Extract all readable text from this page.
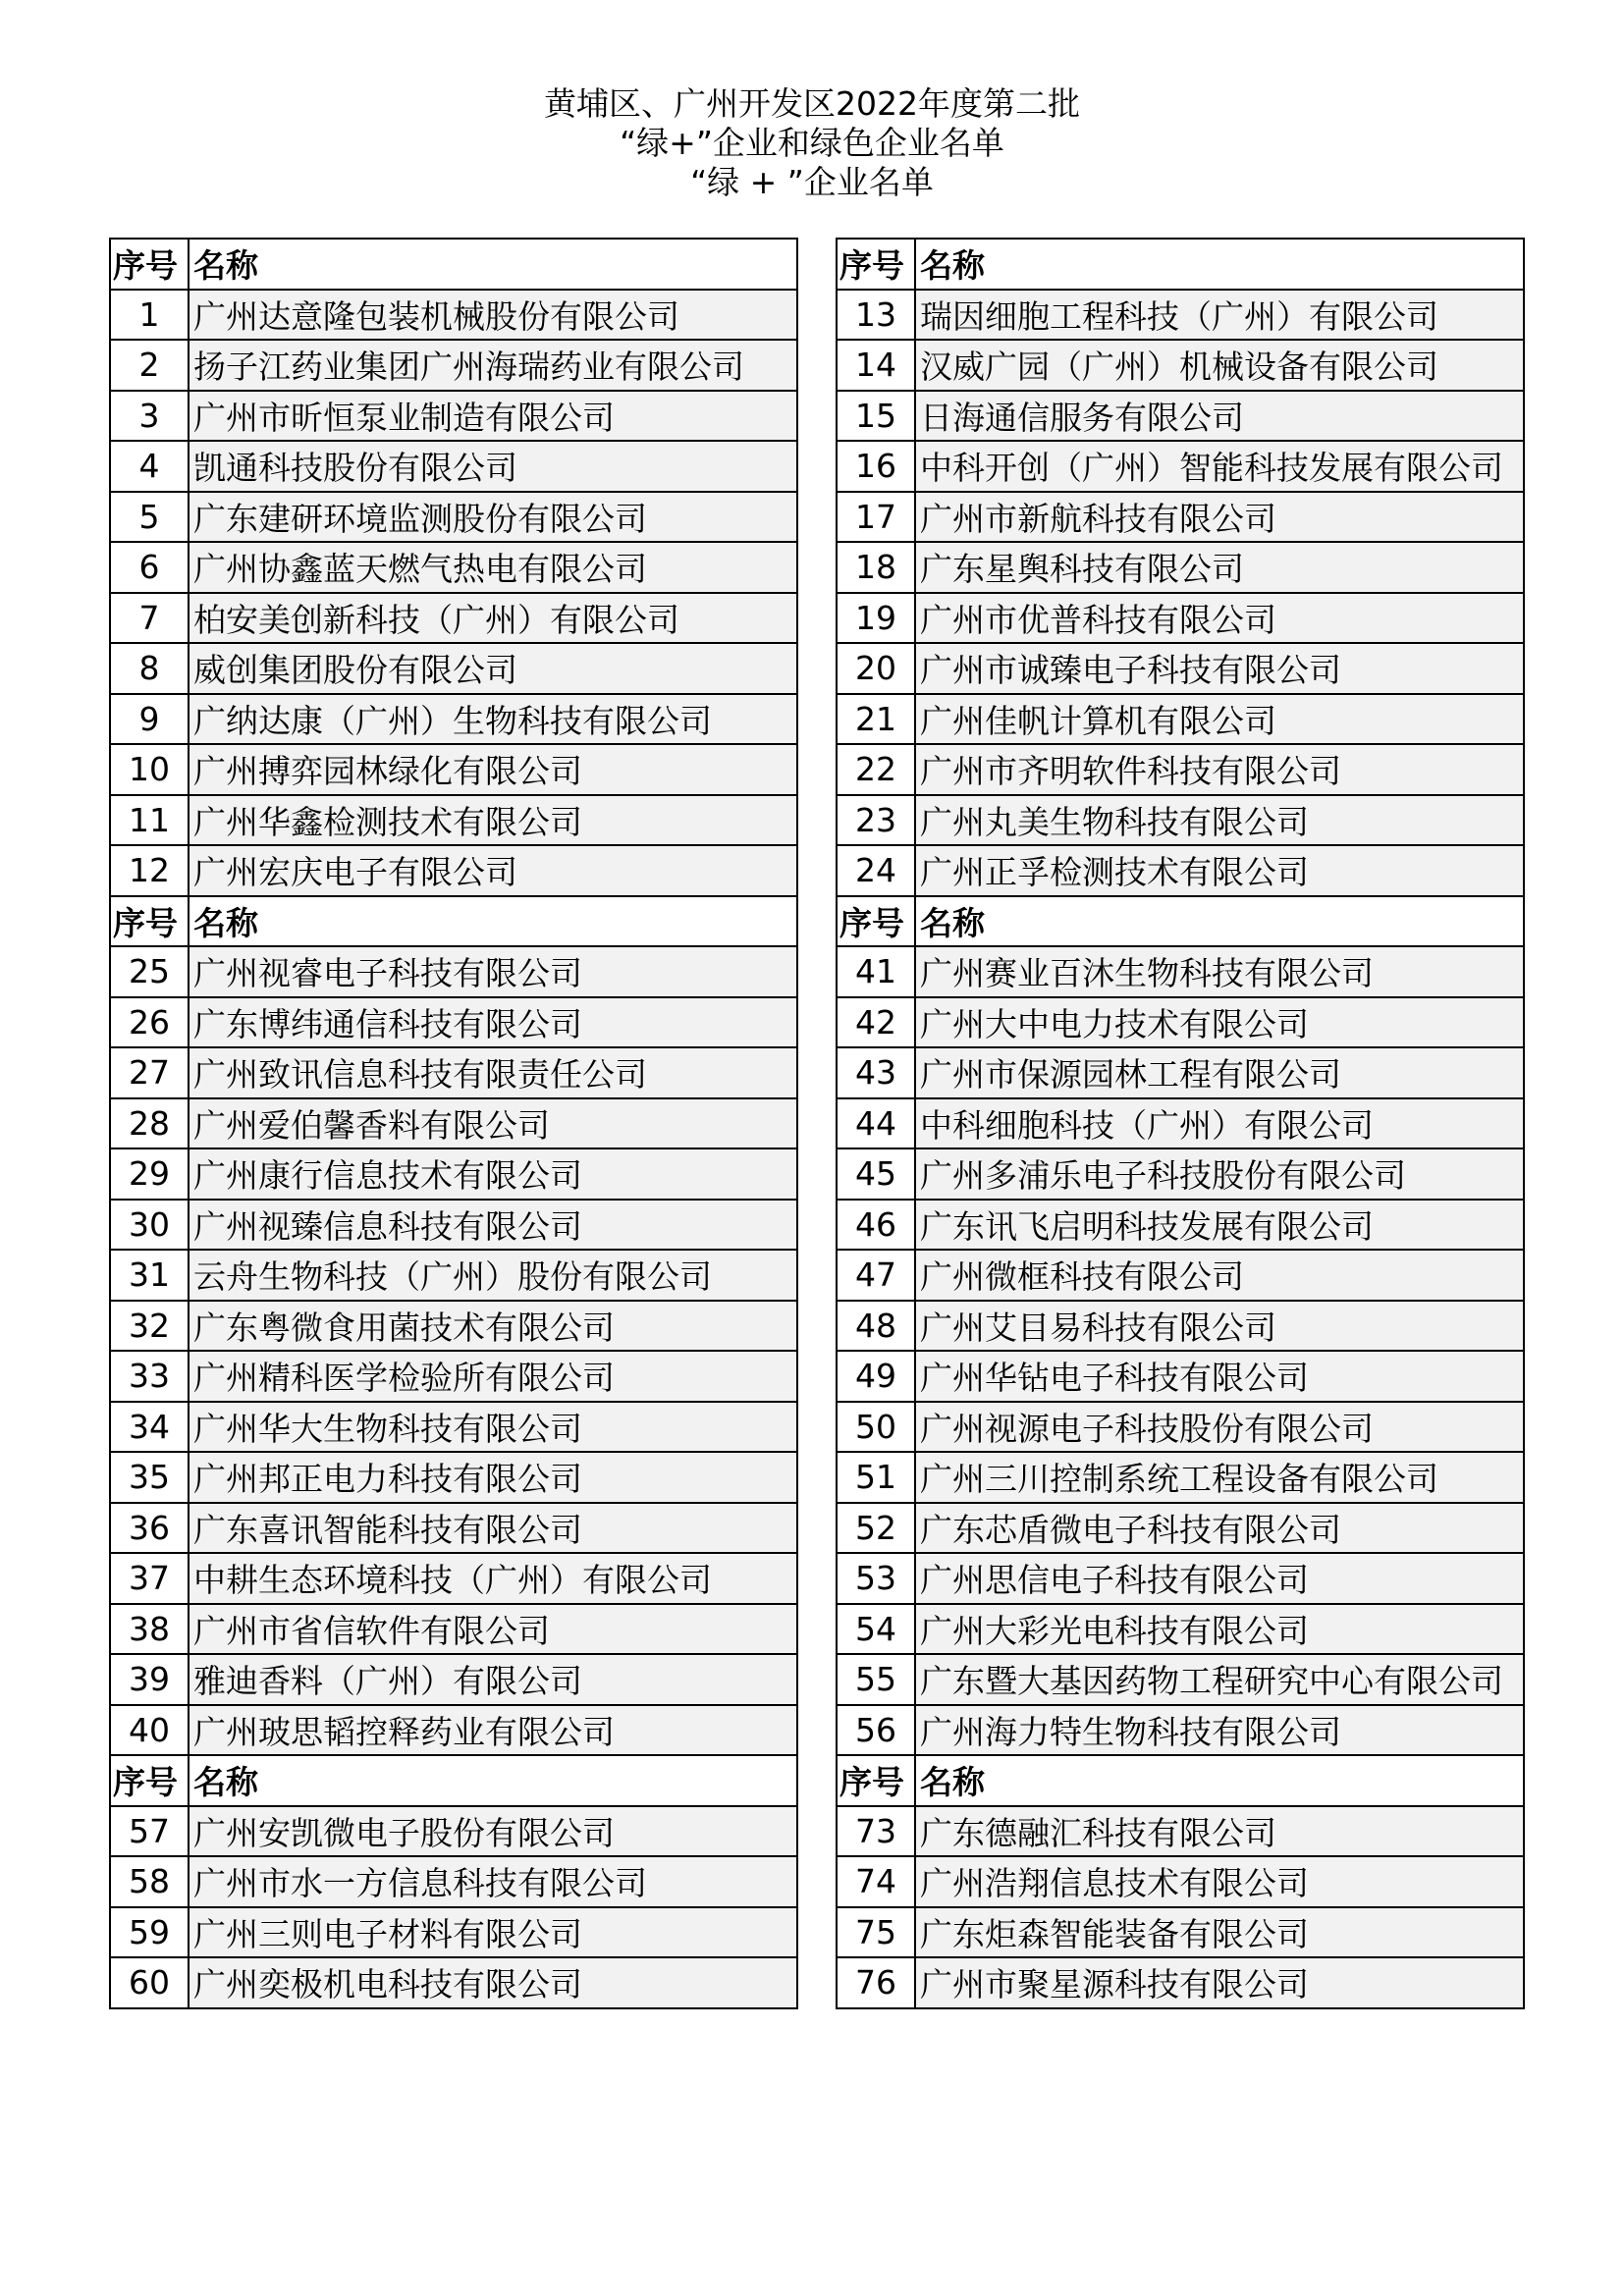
黄埔区、广州开发区2022年度第二批
“绿+”企业和绿色企业名单
“绿 + ”企业名单
序号	名称
1	广州达意隆包装机械股份有限公司
2	扬子江药业集团广州海瑞药业有限公司
3	广州市昕恒泵业制造有限公司
4	凯通科技股份有限公司
5	广东建研环境监测股份有限公司
6	广州协鑫蓝天燃气热电有限公司
7	柏安美创新科技（广州）有限公司
8	威创集团股份有限公司
9	广纳达康（广州）生物科技有限公司
10	广州搏弈园林绿化有限公司
11	广州华鑫检测技术有限公司
12	广州宏庆电子有限公司
序号	名称
25	广州视睿电子科技有限公司
26	广东博纬通信科技有限公司
27	广州致讯信息科技有限责任公司
28	广州爱伯馨香料有限公司
29	广州康行信息技术有限公司
30	广州视臻信息科技有限公司
31	云舟生物科技（广州）股份有限公司
32	广东粤微食用菌技术有限公司
33	广州精科医学检验所有限公司
34	广州华大生物科技有限公司
35	广州邦正电力科技有限公司
36	广东喜讯智能科技有限公司
37	中耕生态环境科技（广州）有限公司
38	广州市省信软件有限公司
39	雅迪香料（广州）有限公司
40	广州玻思韬控释药业有限公司
序号	名称
57	广州安凯微电子股份有限公司
58	广州市水一方信息科技有限公司
59	广州三则电子材料有限公司
60	广州奕极机电科技有限公司
序号	名称
13	瑞因细胞工程科技（广州）有限公司
14	汉威广园（广州）机械设备有限公司
15	日海通信服务有限公司
16	中科开创（广州）智能科技发展有限公司
17	广州市新航科技有限公司
18	广东星舆科技有限公司
19	广州市优普科技有限公司
20	广州市诚臻电子科技有限公司
21	广州佳帆计算机有限公司
22	广州市齐明软件科技有限公司
23	广州丸美生物科技有限公司
24	广州正孚检测技术有限公司
序号	名称
41	广州赛业百沐生物科技有限公司
42	广州大中电力技术有限公司
43	广州市保源园林工程有限公司
44	中科细胞科技（广州）有限公司
45	广州多浦乐电子科技股份有限公司
46	广东讯飞启明科技发展有限公司
47	广州微框科技有限公司
48	广州艾目易科技有限公司
49	广州华钻电子科技有限公司
50	广州视源电子科技股份有限公司
51	广州三川控制系统工程设备有限公司
52	广东芯盾微电子科技有限公司
53	广州思信电子科技有限公司
54	广州大彩光电科技有限公司
55	广东暨大基因药物工程研究中心有限公司
56	广州海力特生物科技有限公司
序号	名称
73	广东德融汇科技有限公司
74	广州浩翔信息技术有限公司
75	广东炬森智能装备有限公司
76	广州市聚星源科技有限公司
